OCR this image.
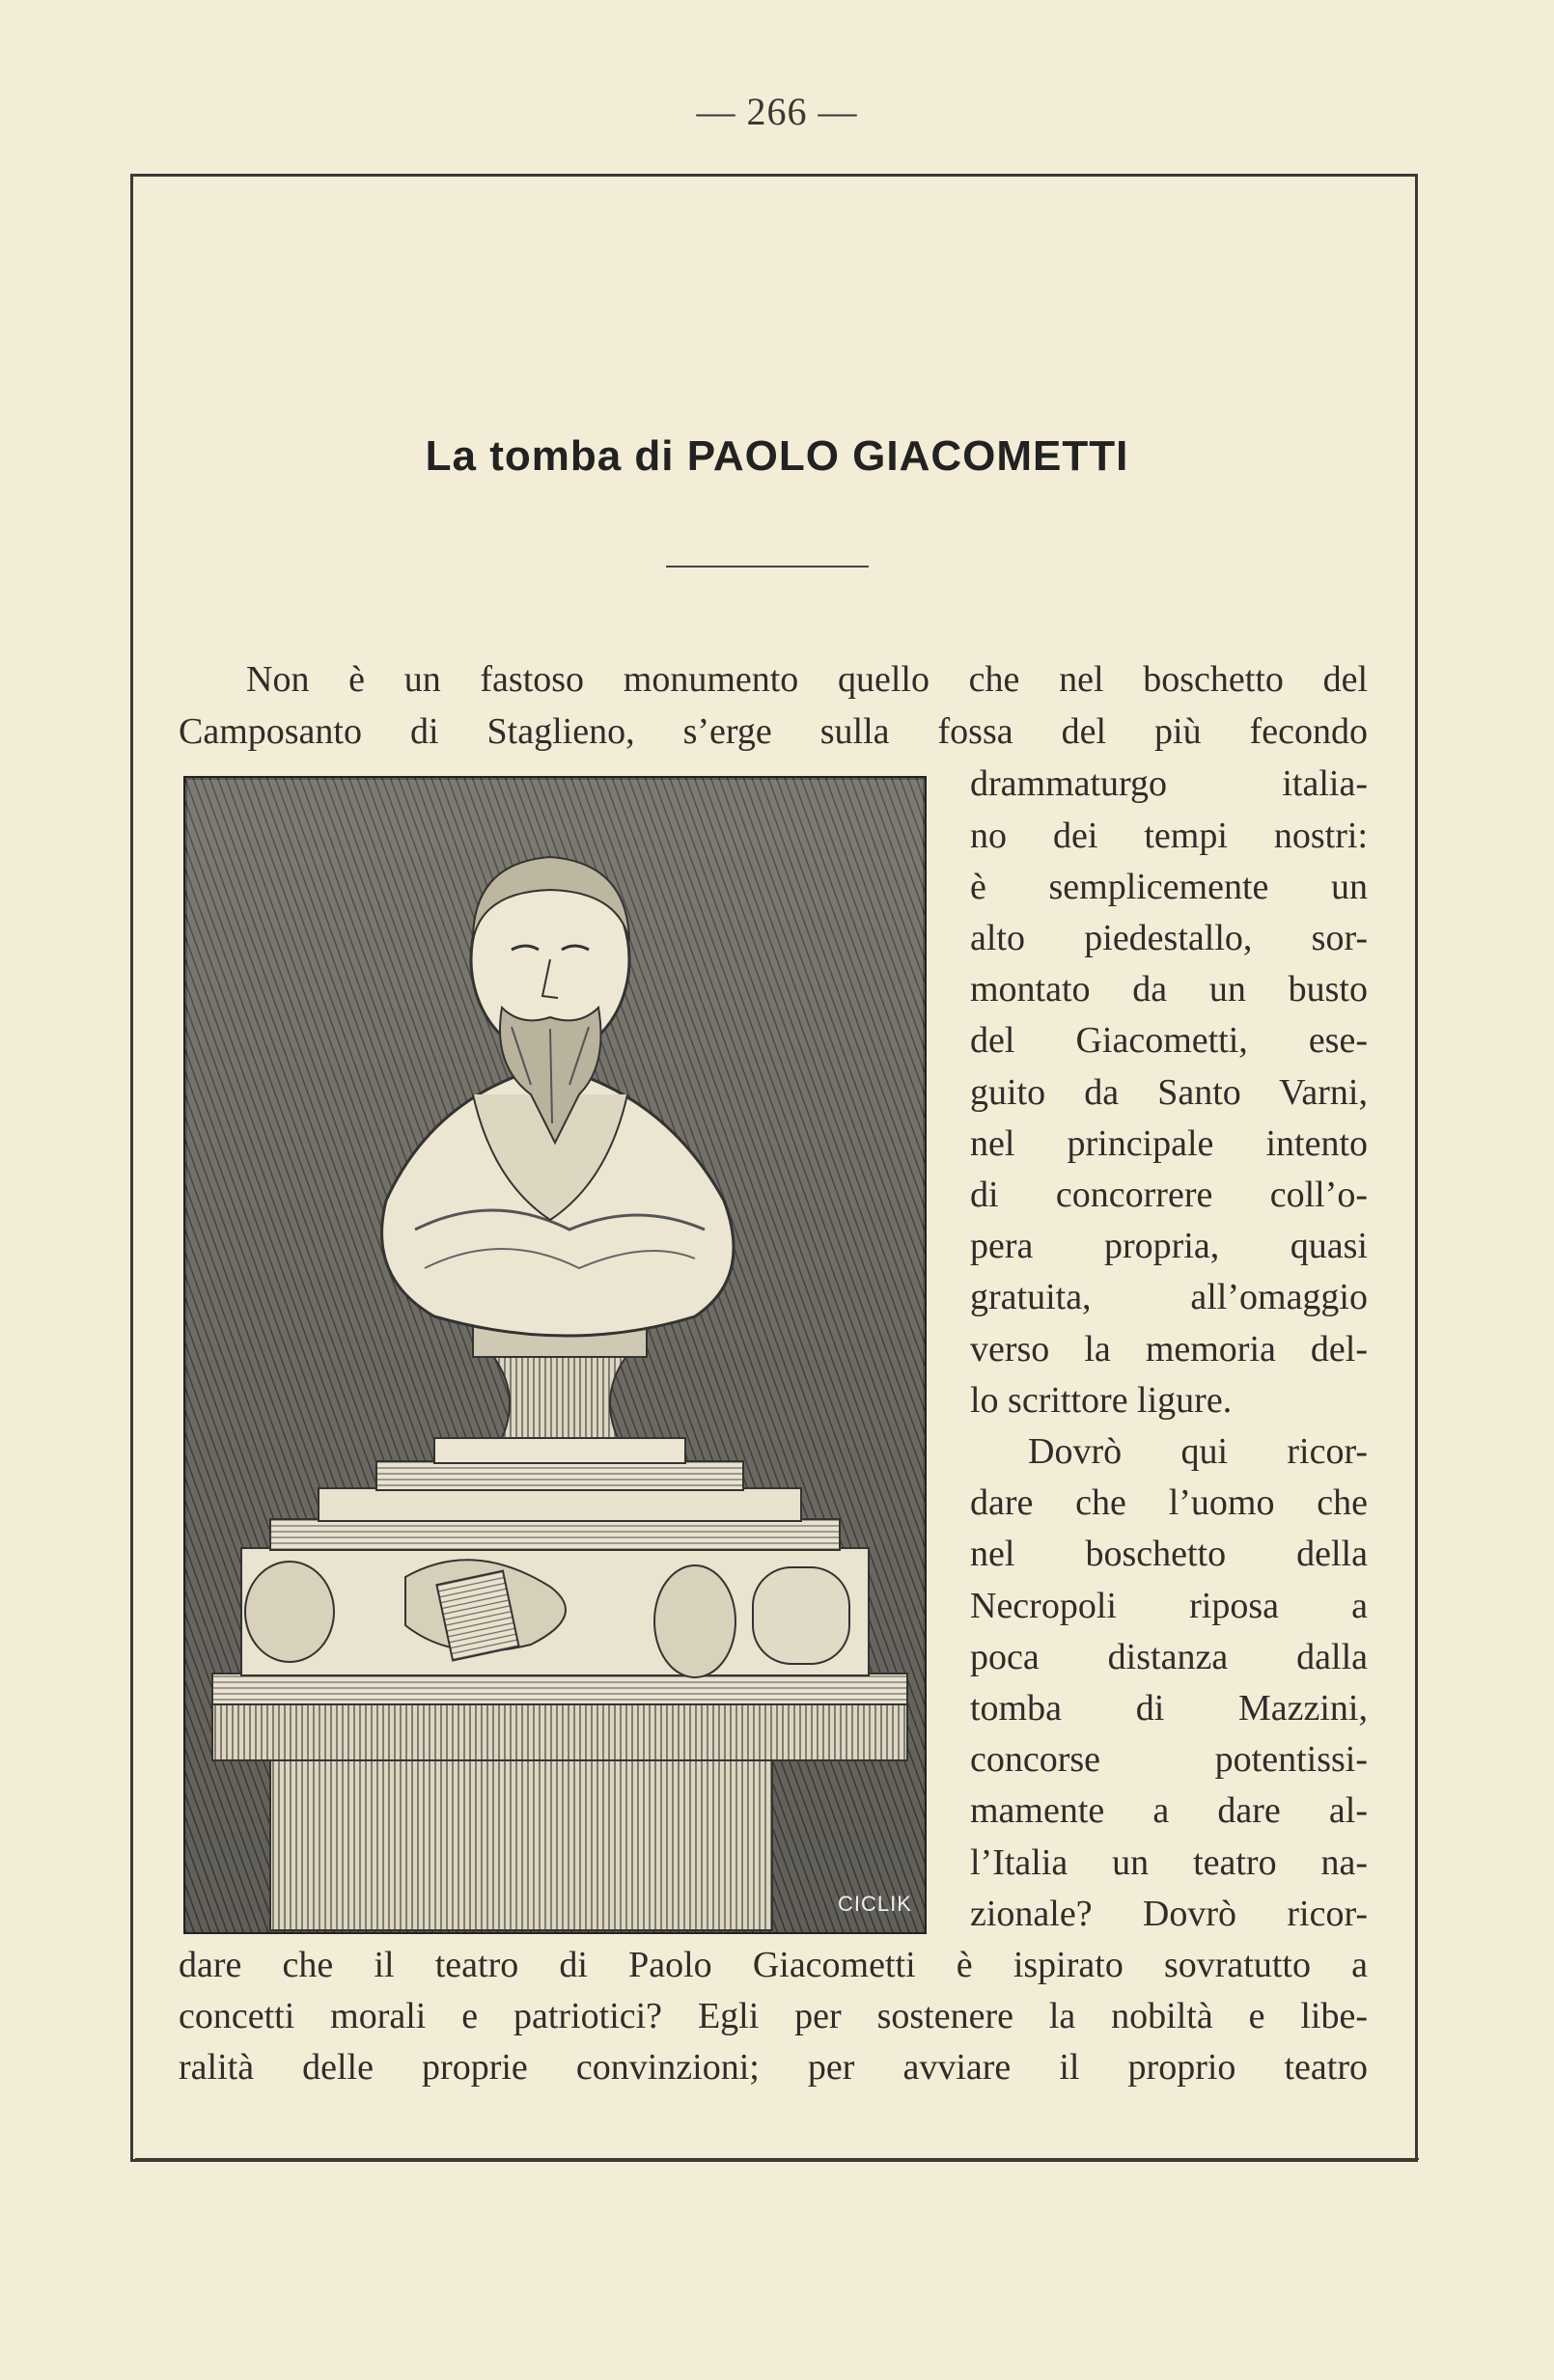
— 266 —
La tomba di PAOLO GIACOMETTI
Non è un fastoso monumento quello che nel boschetto del
Camposanto di Staglieno, s’erge sulla fossa del più fecondo
CICLIK
drammaturgo italia-
no dei tempi nostri:
è semplicemente un
alto piedestallo, sor-
montato da un busto
del Giacometti, ese-
guito da Santo Varni,
nel principale intento
di concorrere coll’o-
pera propria, quasi
gratuita, all’omaggio
verso la memoria del-
lo scrittore ligure.
Dovrò qui ricor-
dare che l’uomo che
nel boschetto della
Necropoli riposa a
poca distanza dalla
tomba di Mazzini,
concorse potentissi-
mamente a dare al-
l’Italia un teatro na-
zionale? Dovrò ricor-
dare che il teatro di Paolo Giacometti è ispirato sovratutto a
concetti morali e patriotici? Egli per sostenere la nobiltà e libe-
ralità delle proprie convinzioni; per avviare il proprio teatro
